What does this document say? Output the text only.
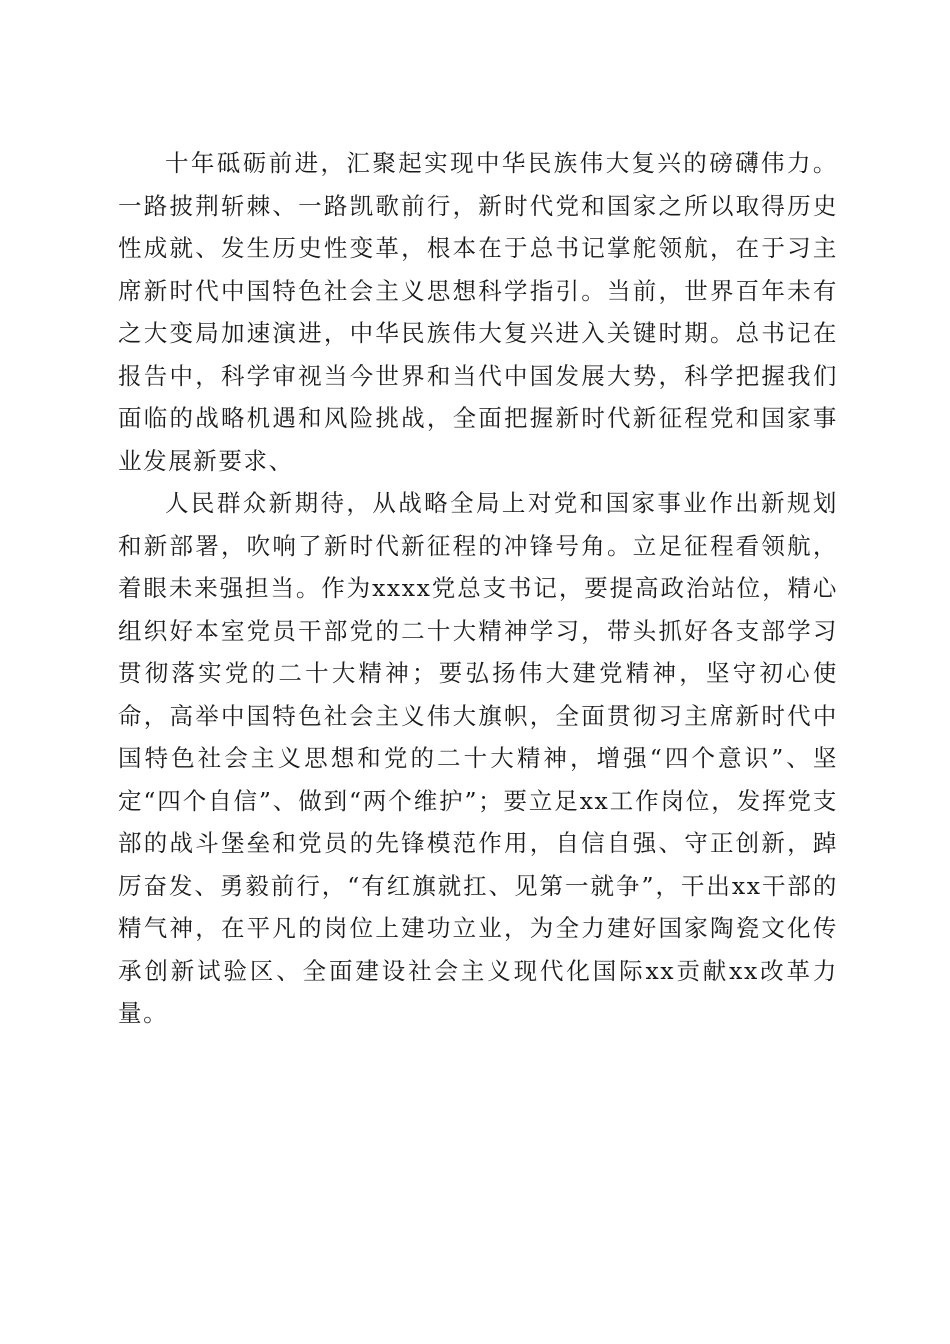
十年砥砺前进，汇聚起实现中华民族伟大复兴的磅礴伟力。一路披荆斩棘、一路凯歌前行，新时代党和国家之所以取得历史性成就、发生历史性变革，根本在于总书记掌舵领航，在于习主席新时代中国特色社会主义思想科学指引。当前，世界百年未有之大变局加速演进，中华民族伟大复兴进入关键时期。总书记在报告中，科学审视当今世界和当代中国发展大势，科学把握我们面临的战略机遇和风险挑战，全面把握新时代新征程党和国家事业发展新要求、

人民群众新期待，从战略全局上对党和国家事业作出新规划和新部署，吹响了新时代新征程的冲锋号角。立足征程看领航，着眼未来强担当。作为xxxx党总支书记，要提高政治站位，精心组织好本室党员干部党的二十大精神学习，带头抓好各支部学习贯彻落实党的二十大精神；要弘扬伟大建党精神，坚守初心使命，高举中国特色社会主义伟大旗帜，全面贯彻习主席新时代中国特色社会主义思想和党的二十大精神，增强“四个意识”、坚定“四个自信”、做到“两个维护”；要立足xx工作岗位，发挥党支部的战斗堡垒和党员的先锋模范作用，自信自强、守正创新，踔厉奋发、勇毅前行，“有红旗就扛、见第一就争”，干出xx干部的精气神，在平凡的岗位上建功立业，为全力建好国家陶瓷文化传承创新试验区、全面建设社会主义现代化国际xx贡献xx改革力量。
